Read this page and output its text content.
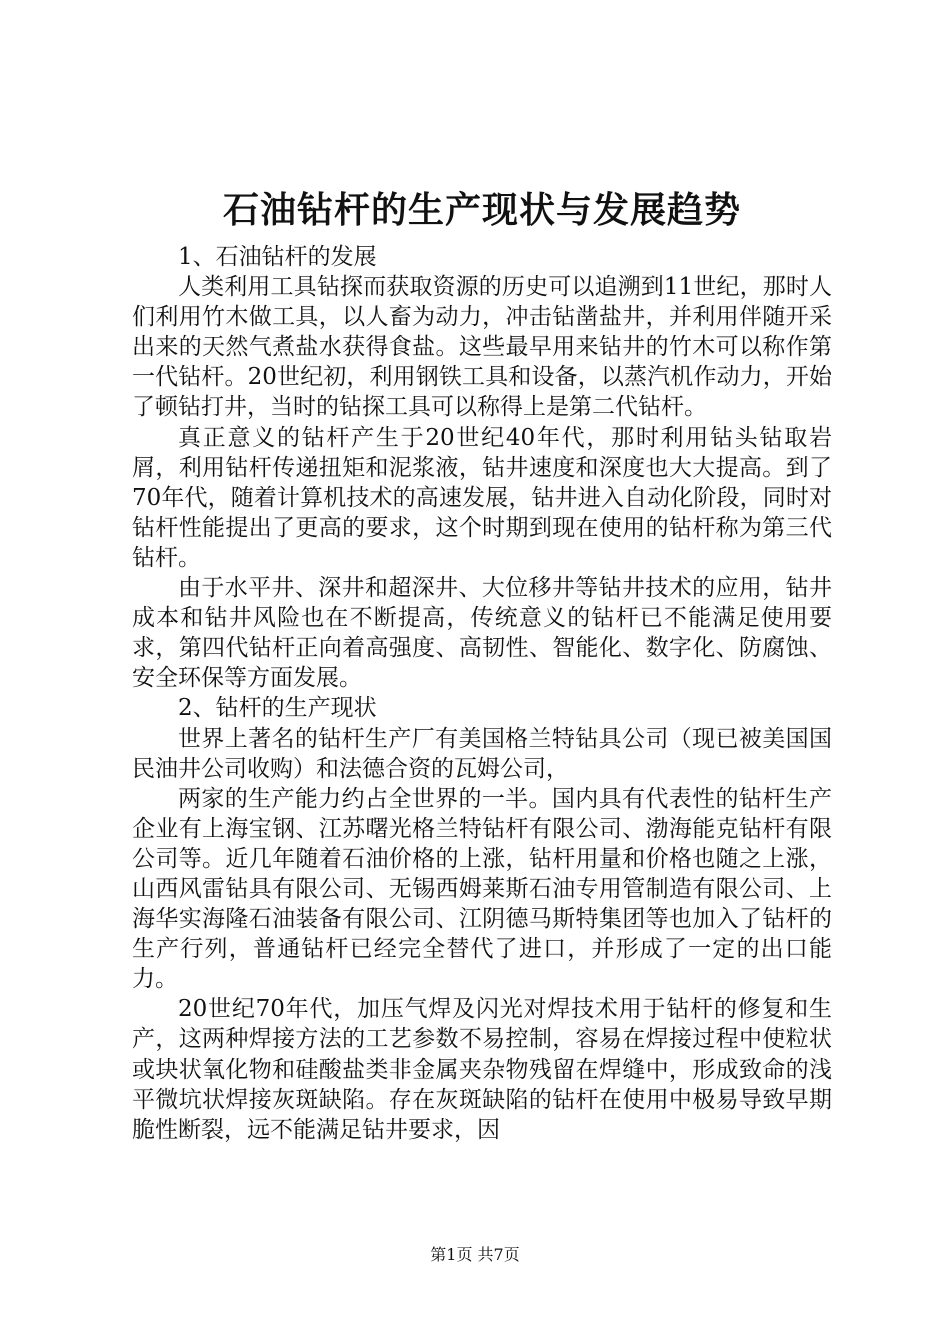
石油钻杆的生产现状与发展趋势

1、石油钻杆的发展

人类利用工具钻探而获取资源的历史可以追溯到11世纪，那时人们利用竹木做工具，以人畜为动力，冲击钻凿盐井，并利用伴随开采出来的天然气煮盐水获得食盐。这些最早用来钻井的竹木可以称作第一代钻杆。20世纪初，利用钢铁工具和设备，以蒸汽机作动力，开始了顿钻打井，当时的钻探工具可以称得上是第二代钻杆。

真正意义的钻杆产生于20世纪40年代，那时利用钻头钻取岩屑，利用钻杆传递扭矩和泥浆液，钻井速度和深度也大大提高。到了70年代，随着计算机技术的高速发展，钻井进入自动化阶段，同时对钻杆性能提出了更高的要求，这个时期到现在使用的钻杆称为第三代钻杆。

由于水平井、深井和超深井、大位移井等钻井技术的应用，钻井成本和钻井风险也在不断提高，传统意义的钻杆已不能满足使用要求，第四代钻杆正向着高强度、高韧性、智能化、数字化、防腐蚀、安全环保等方面发展。

2、钻杆的生产现状

世界上著名的钻杆生产厂有美国格兰特钻具公司（现已被美国国民油井公司收购）和法德合资的瓦姆公司，

两家的生产能力约占全世界的一半。国内具有代表性的钻杆生产企业有上海宝钢、江苏曙光格兰特钻杆有限公司、渤海能克钻杆有限公司等。近几年随着石油价格的上涨，钻杆用量和价格也随之上涨，山西风雷钻具有限公司、无锡西姆莱斯石油专用管制造有限公司、上海华实海隆石油装备有限公司、江阴德马斯特集团等也加入了钻杆的生产行列，普通钻杆已经完全替代了进口，并形成了一定的出口能力。

20世纪70年代，加压气焊及闪光对焊技术用于钻杆的修复和生产，这两种焊接方法的工艺参数不易控制，容易在焊接过程中使粒状或块状氧化物和硅酸盐类非金属夹杂物残留在焊缝中，形成致命的浅平微坑状焊接灰斑缺陷。存在灰斑缺陷的钻杆在使用中极易导致早期脆性断裂，远不能满足钻井要求，因

第1页 共7页
